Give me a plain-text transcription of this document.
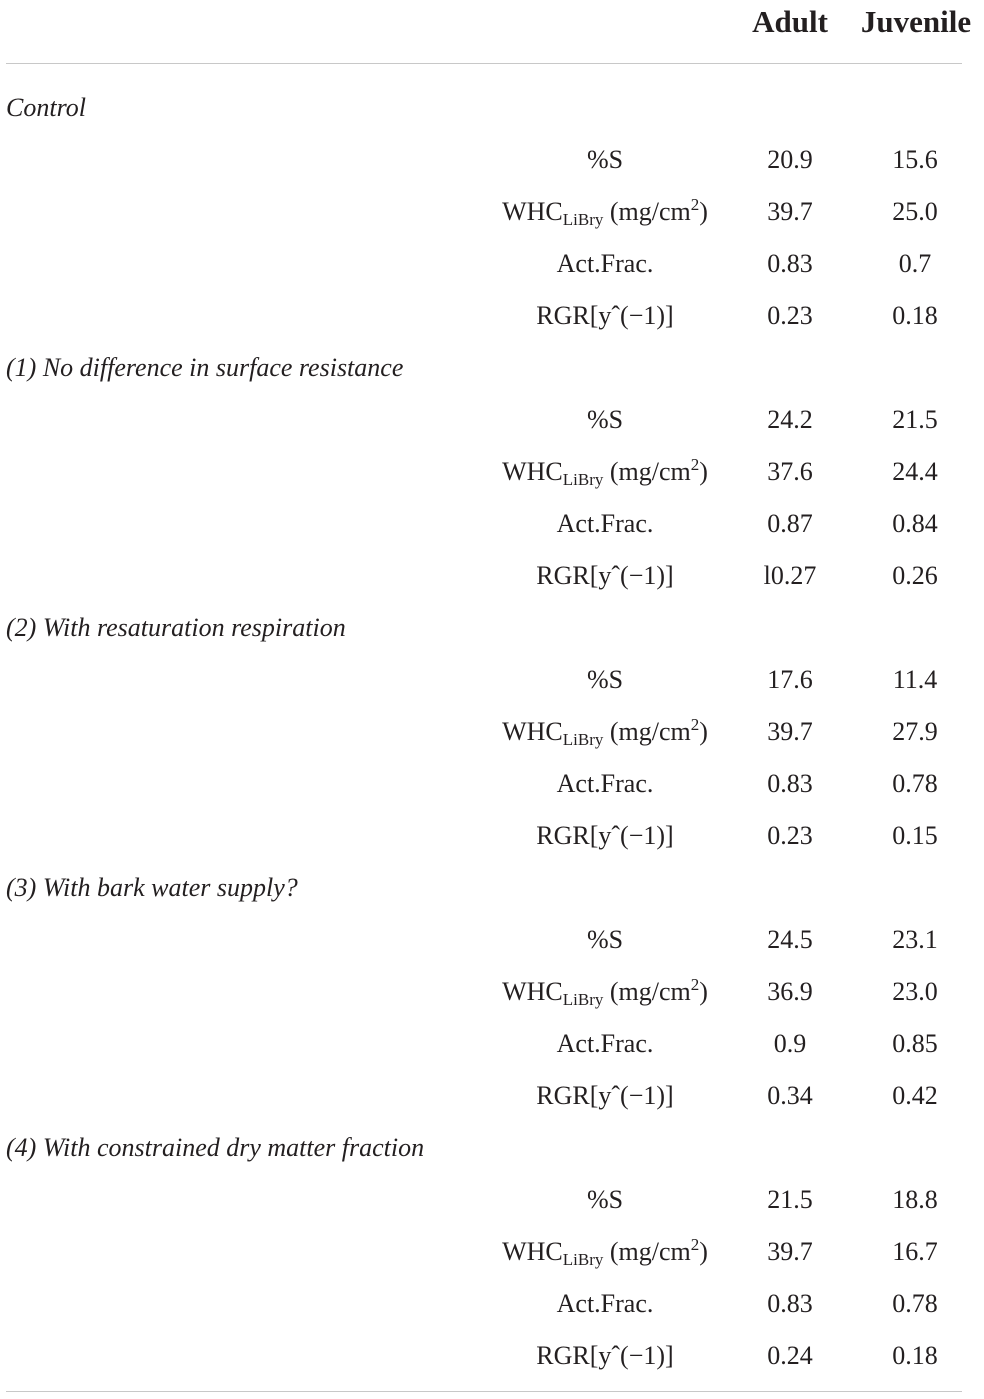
Adult	Juvenile
Control
%S	20.9	15.6
$WHC_{LiBry}$ $(mg/cm^2)$	39.7	25.0
Act.Frac.	0.83	0.7
RGR[yˆ(−1)]	0.23	0.18
(1) No difference in surface resistance
%S	24.2	21.5
$WHC_{LiBry}$ $(mg/cm^2)$	37.6	24.4
Act.Frac.	0.87	0.84
RGR[yˆ(−1)]	l0.27	0.26
(2) With resaturation respiration
%S	17.6	11.4
$WHC_{LiBry}$ $(mg/cm^2)$	39.7	27.9
Act.Frac.	0.83	0.78
RGR[yˆ(−1)]	0.23	0.15
(3) With bark water supply?
%S	24.5	23.1
$WHC_{LiBry}$ $(mg/cm^2)$	36.9	23.0
Act.Frac.	0.9	0.85
RGR[yˆ(−1)]	0.34	0.42
(4) With constrained dry matter fraction
%S	21.5	18.8
$WHC_{LiBry}$ $(mg/cm^2)$	39.7	16.7
Act.Frac.	0.83	0.78
RGR[yˆ(−1)]	0.24	0.18
